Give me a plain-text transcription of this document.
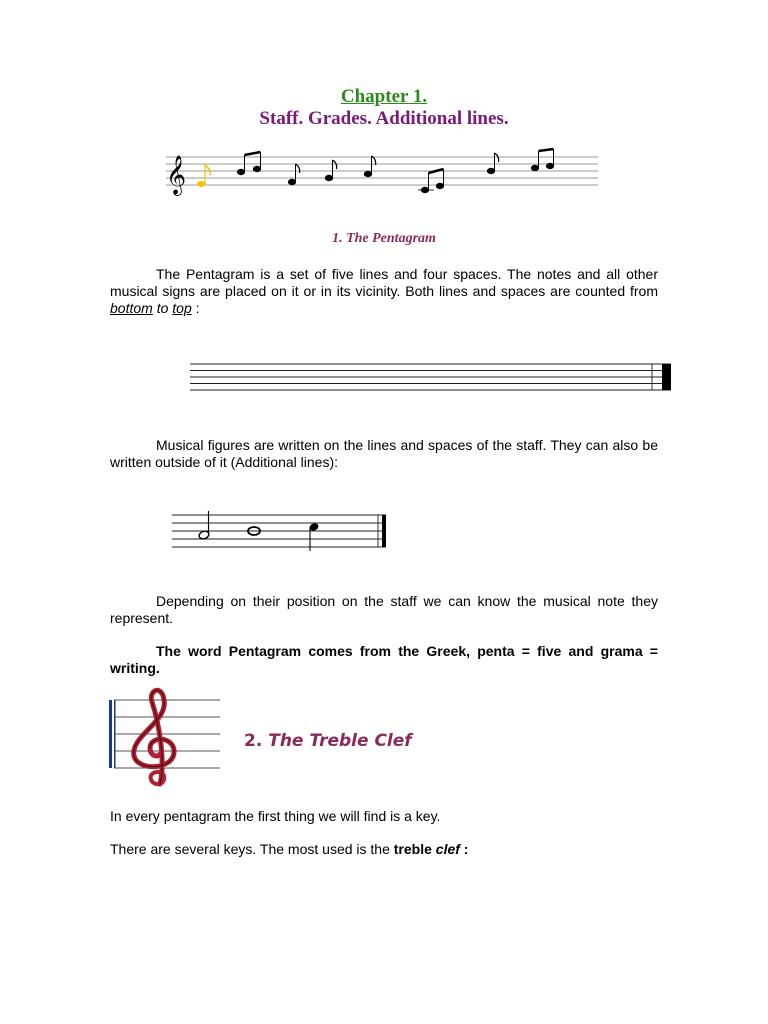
Chapter 1.
Staff. Grades. Additional lines.
𝄞
1. The Pentagram
The Pentagram is a set of five lines and four spaces. The notes and all other musical signs are placed on it or in its vicinity. Both lines and spaces are counted from bottom to top :
Musical figures are written on the lines and spaces of the staff. They can also be written outside of it (Additional lines):
Depending on their position on the staff we can know the musical note they represent.
The word Pentagram comes from the Greek, penta = five and grama = writing.
2. The Treble Clef
In every pentagram the first thing we will find is a key.
There are several keys. The most used is the treble clef :
